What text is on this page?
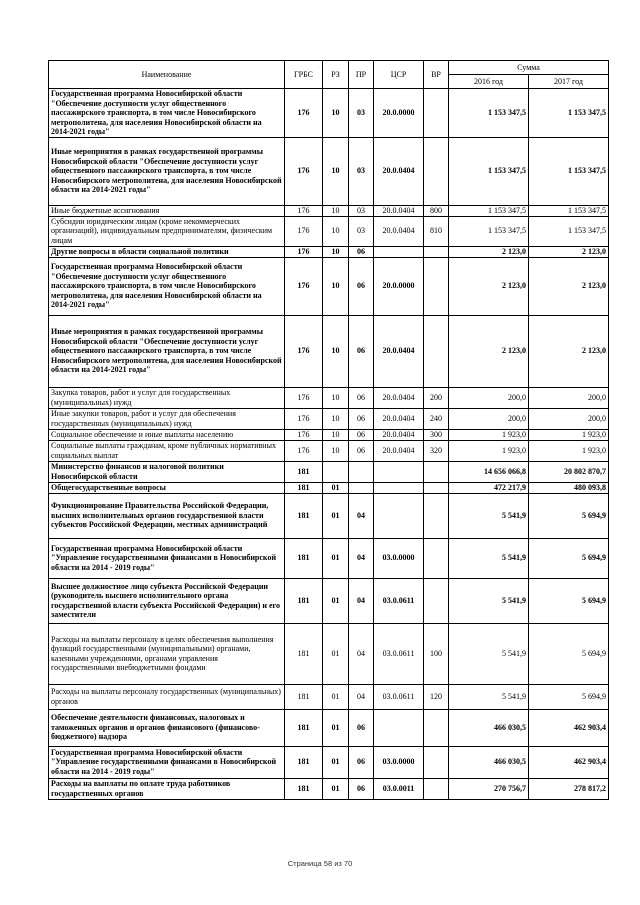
Наименование	ГРБС	РЗ	ПР	ЦСР	ВР	Сумма	
						2016 год	2017 год
Государственная программа Новосибирской области "Обеспечение доступности услуг общественного пассажирского транспорта, в том числе Новосибирского метрополитена, для населения Новосибирской области на 2014-2021 годы"	176	10	03	20.0.0000		1 153 347,5	1 153 347,5
Иные мероприятия в рамках государственной программы Новосибирской области "Обеспечение доступности услуг общественного пассажирского транспорта, в том числе Новосибирского метрополитена, для населения Новосибирской области на 2014-2021 годы"	176	10	03	20.0.0404		1 153 347,5	1 153 347,5
Иные бюджетные ассигнования	176	10	03	20.0.0404	800	1 153 347,5	1 153 347,5
Субсидии юридическим лицам (кроме некоммерческих организаций), индивидуальным предпринимателям, физическим лицам	176	10	03	20.0.0404	810	1 153 347,5	1 153 347,5
Другие вопросы в области социальной политики	176	10	06			2 123,0	2 123,0
Государственная программа Новосибирской области "Обеспечение доступности услуг общественного пассажирского транспорта, в том числе Новосибирского метрополитена, для населения Новосибирской области на 2014-2021 годы"	176	10	06	20.0.0000		2 123,0	2 123,0
Иные мероприятия в рамках государственной программы Новосибирской области "Обеспечение доступности услуг общественного пассажирского транспорта, в том числе Новосибирского метрополитена, для населения Новосибирской области на 2014-2021 годы"	176	10	06	20.0.0404		2 123,0	2 123,0
Закупка товаров, работ и услуг для государственных (муниципальных) нужд	176	10	06	20.0.0404	200	200,0	200,0
Иные закупки товаров, работ и услуг для обеспечения государственных (муниципальных) нужд	176	10	06	20.0.0404	240	200,0	200,0
Социальное обеспечение и иные выплаты населению	176	10	06	20.0.0404	300	1 923,0	1 923,0
Социальные выплаты гражданам, кроме публичных нормативных социальных выплат	176	10	06	20.0.0404	320	1 923,0	1 923,0
Министерство финансов и налоговой политики Новосибирской области	181					14 656 066,8	20 802 870,7
Общегосударственные вопросы	181	01				472 217,9	480 093,8
Функционирование Правительства Российской Федерации, высших исполнительных органов государственной власти субъектов Российской Федерации, местных администраций	181	01	04			5 541,9	5 694,9
Государственная программа Новосибирской области "Управление государственными финансами в Новосибирской области на 2014 - 2019 годы"	181	01	04	03.0.0000		5 541,9	5 694,9
Высшее должностное лицо субъекта Российской Федерации (руководитель высшего исполнительного органа государственной власти субъекта Российской Федерации) и его заместители	181	01	04	03.0.0611		5 541,9	5 694,9
Расходы на выплаты персоналу в целях обеспечения выполнения функций государственными (муниципальными) органами, казенными учреждениями, органами управления государственными внебюджетными фондами	181	01	04	03.0.0611	100	5 541,9	5 694,9
Расходы на выплаты персоналу государственных (муниципальных) органов	181	01	04	03.0.0611	120	5 541,9	5 694,9
Обеспечение деятельности финансовых, налоговых и таможенных органов и органов финансового (финансово-бюджетного) надзора	181	01	06			466 030,5	462 903,4
Государственная программа Новосибирской области "Управление государственными финансами в Новосибирской области на 2014 - 2019 годы"	181	01	06	03.0.0000		466 030,5	462 903,4
Расходы на выплаты по оплате труда работников государственных органов	181	01	06	03.0.0011		270 756,7	278 817,2
Страница 58 из 70
